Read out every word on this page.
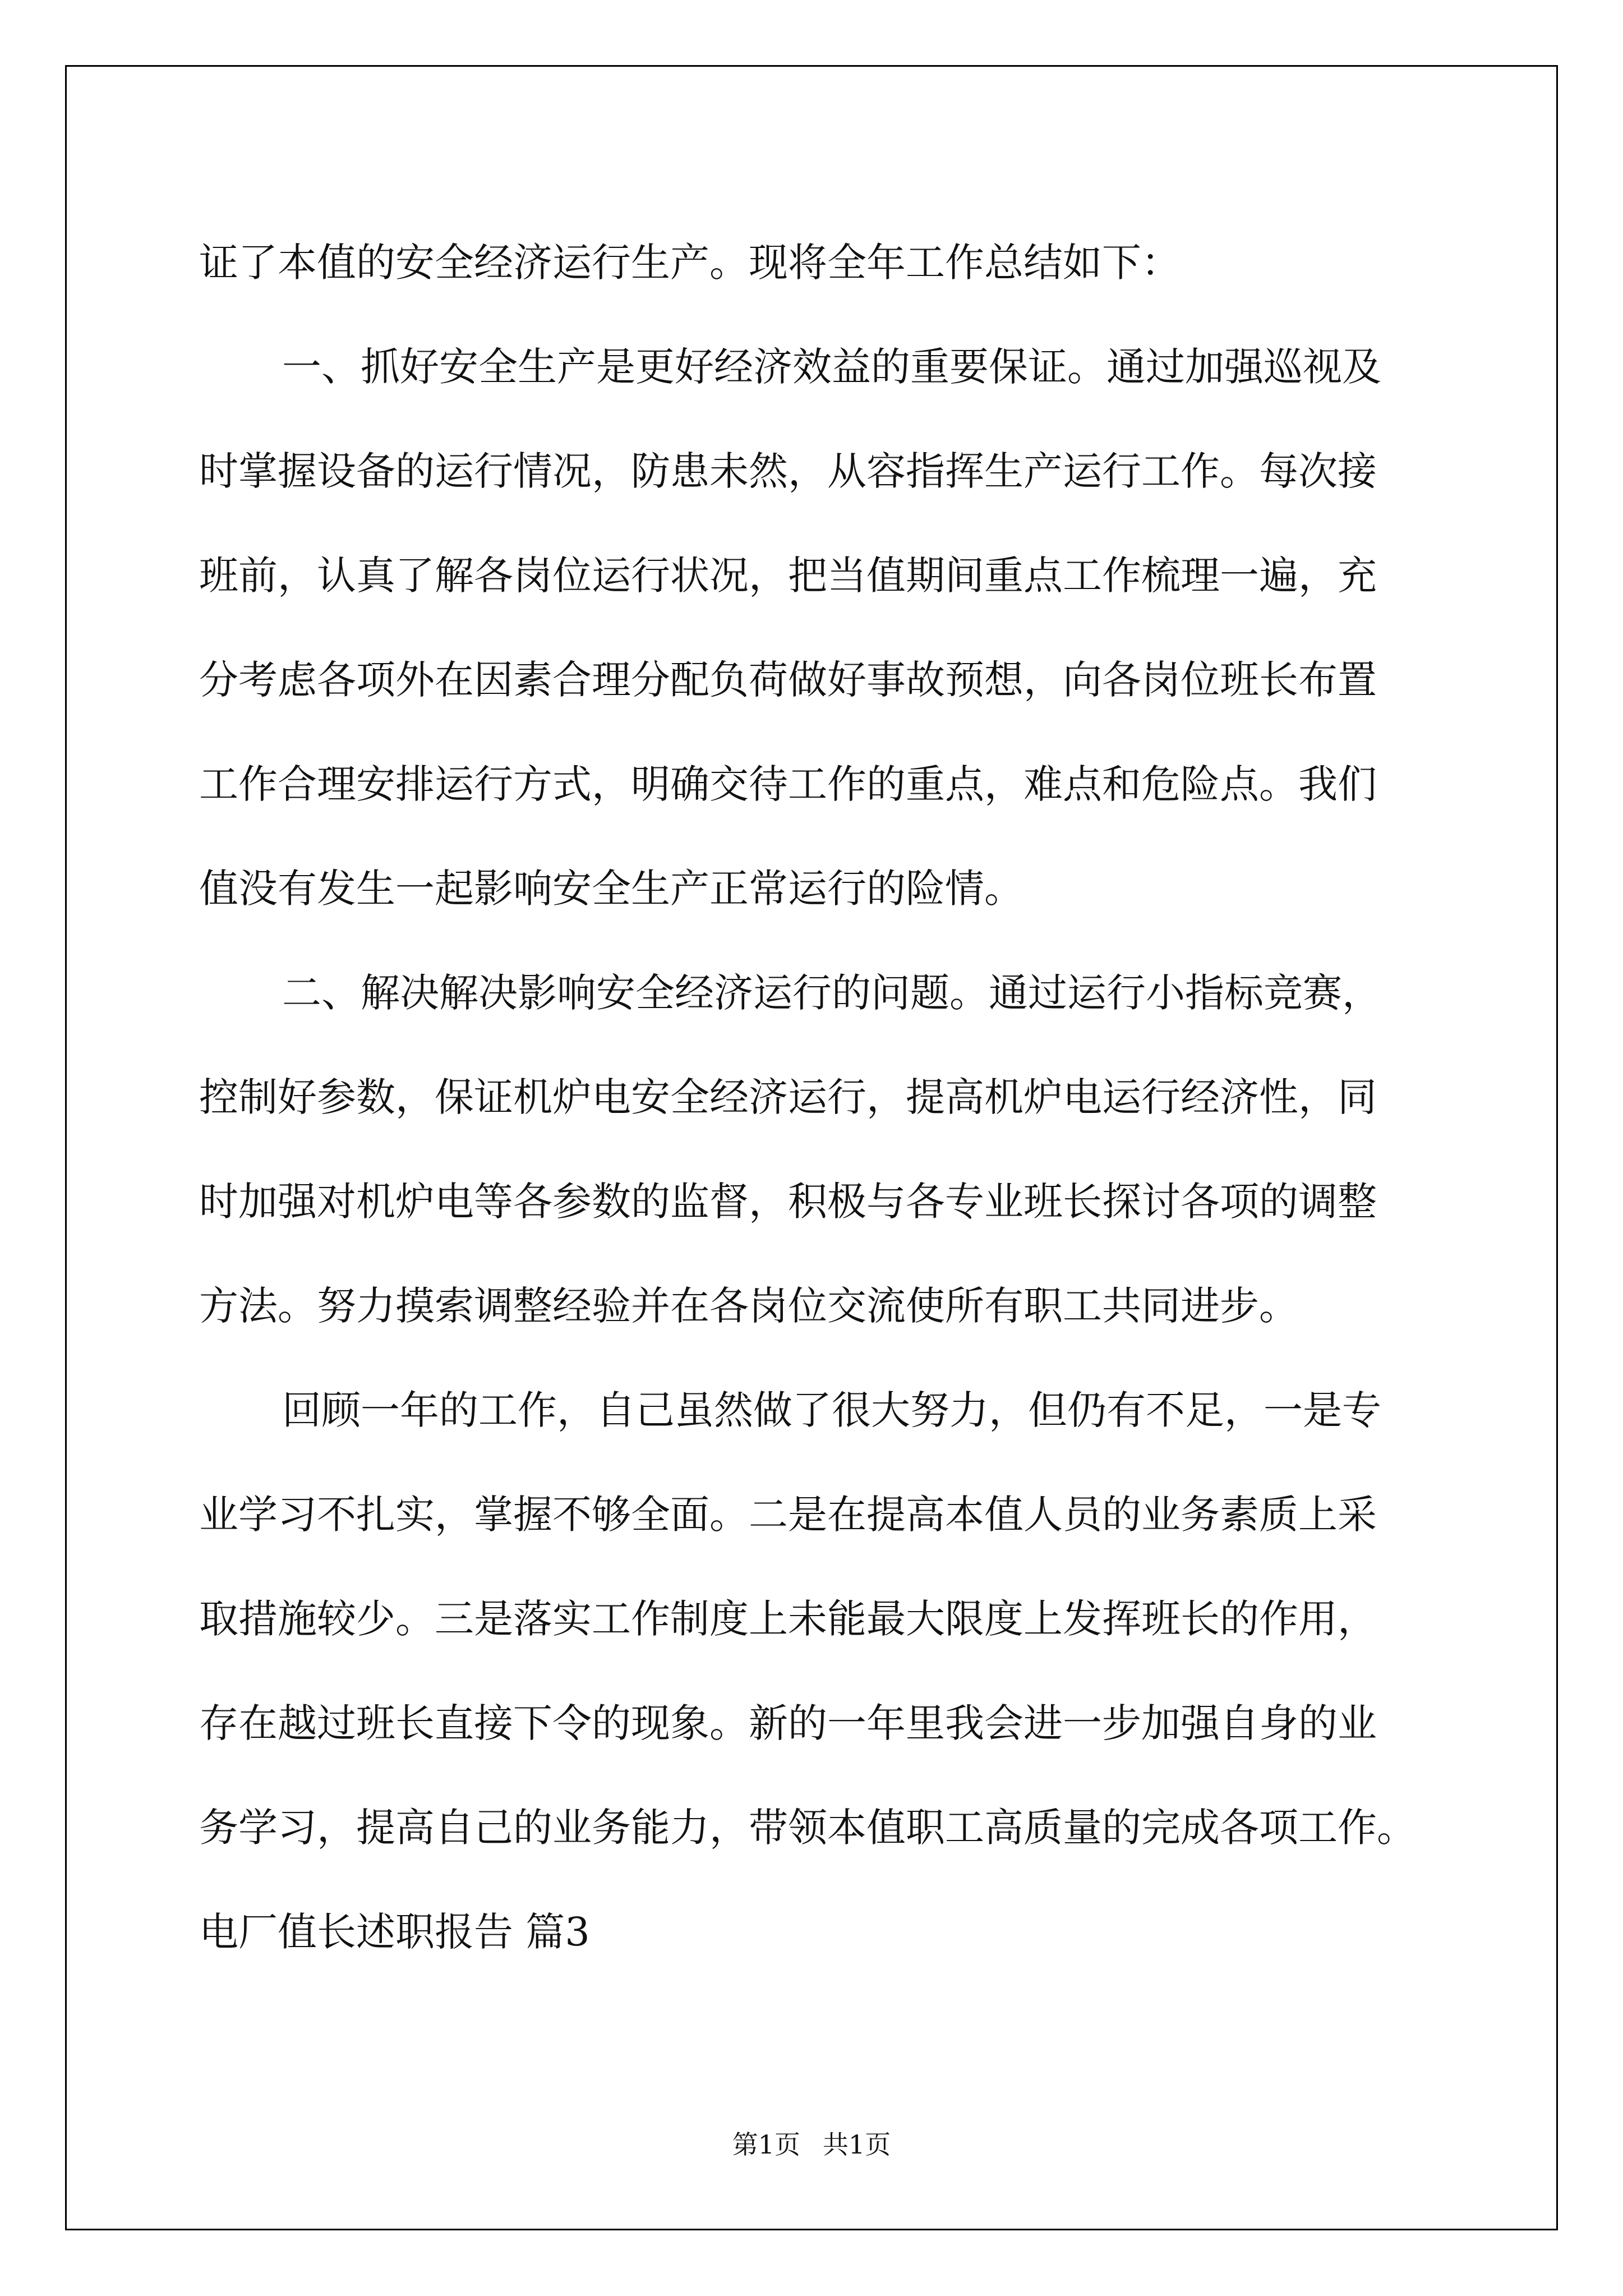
证了本值的安全经济运行生产。现将全年工作总结如下：
一、抓好安全生产是更好经济效益的重要保证。通过加强巡视及
时掌握设备的运行情况，防患未然，从容指挥生产运行工作。每次接
班前，认真了解各岗位运行状况，把当值期间重点工作梳理一遍，充
分考虑各项外在因素合理分配负荷做好事故预想，向各岗位班长布置
工作合理安排运行方式，明确交待工作的重点，难点和危险点。我们
值没有发生一起影响安全生产正常运行的险情。
二、解决解决影响安全经济运行的问题。通过运行小指标竞赛，
控制好参数，保证机炉电安全经济运行，提高机炉电运行经济性，同
时加强对机炉电等各参数的监督，积极与各专业班长探讨各项的调整
方法。努力摸索调整经验并在各岗位交流使所有职工共同进步。
回顾一年的工作，自己虽然做了很大努力，但仍有不足，一是专
业学习不扎实，掌握不够全面。二是在提高本值人员的业务素质上采
取措施较少。三是落实工作制度上未能最大限度上发挥班长的作用，
存在越过班长直接下令的现象。新的一年里我会进一步加强自身的业
务学习，提高自己的业务能力，带领本值职工高质量的完成各项工作。
电厂值长述职报告 篇3
第1页 共1页
